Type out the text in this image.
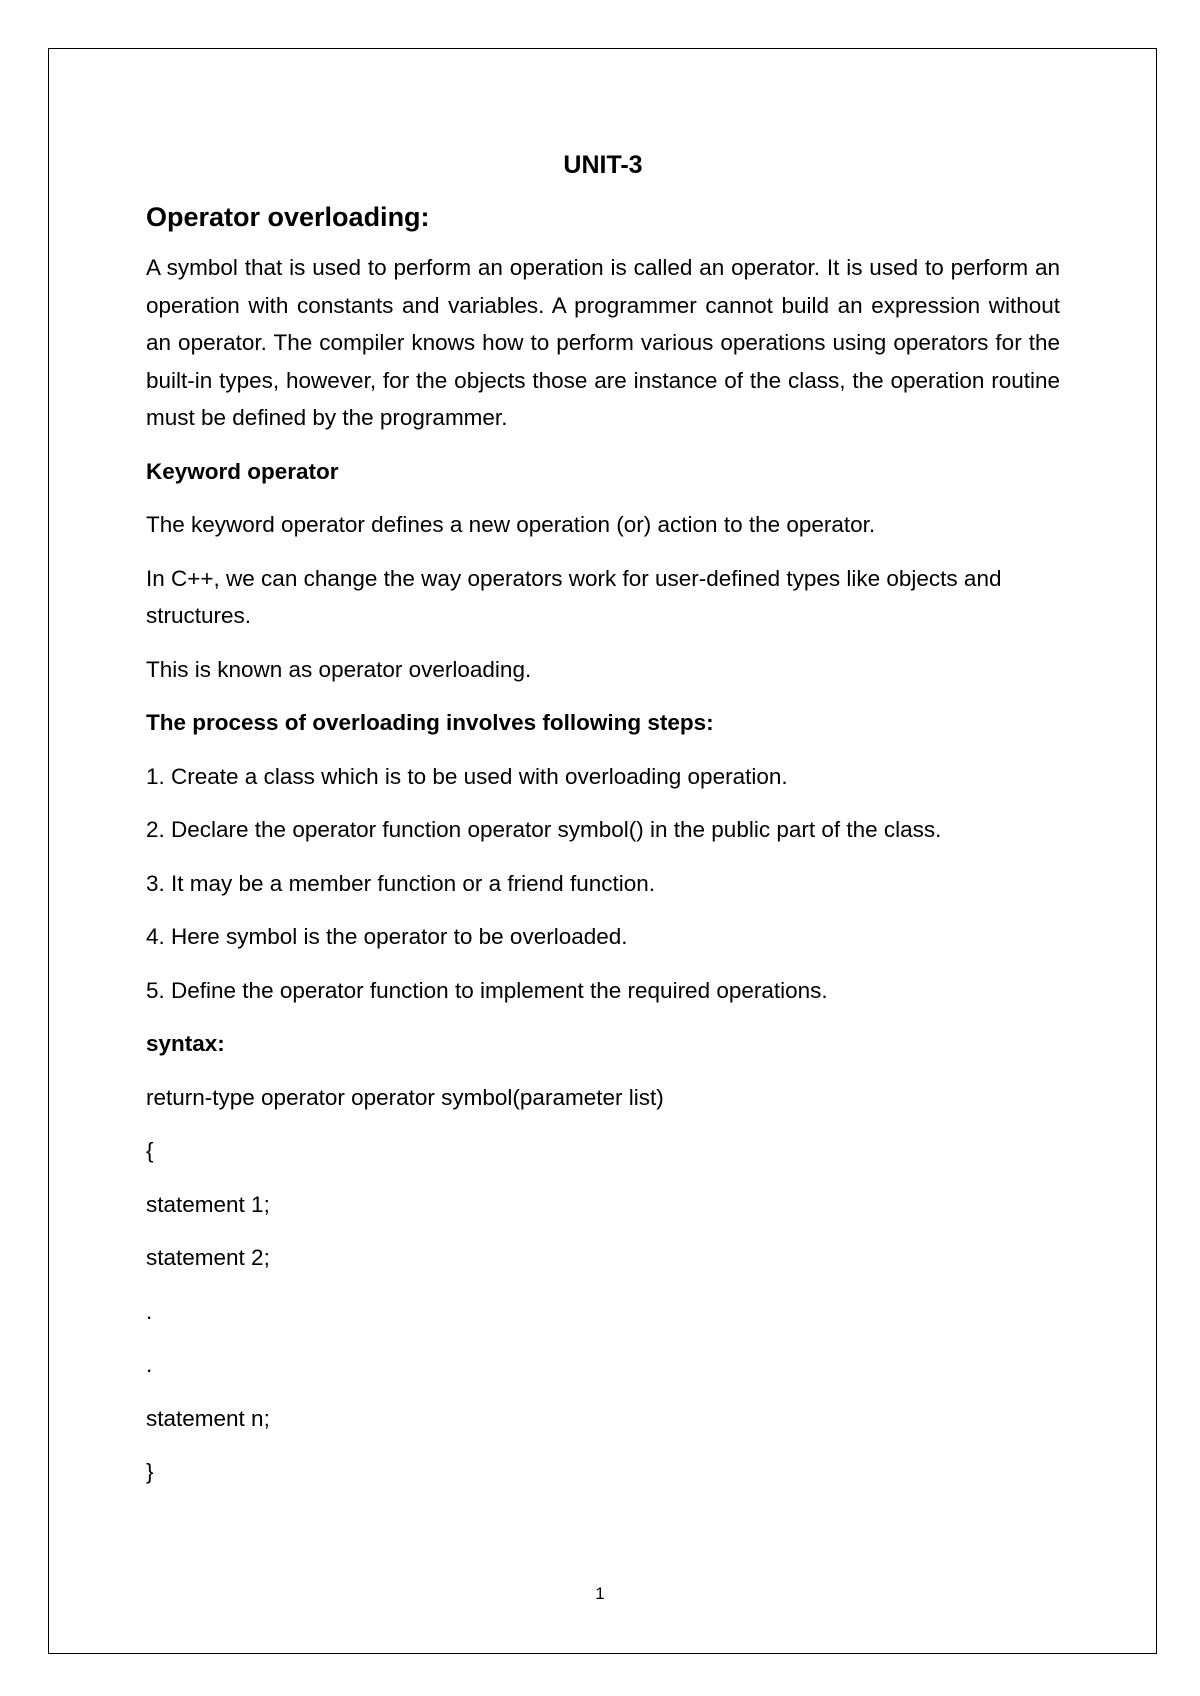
UNIT-3
Operator overloading:

A symbol that is used to perform an operation is called an operator. It is used to perform an operation with constants and variables. A programmer cannot build an expression without an operator. The compiler knows how to perform various operations using operators for the built-in types, however, for the objects those are instance of the class, the operation routine must be defined by the programmer.

Keyword operator

The keyword operator defines a new operation (or) action to the operator.

In C++, we can change the way operators work for user-defined types like objects and structures.

This is known as operator overloading.

The process of overloading involves following steps:

1. Create a class which is to be used with overloading operation.

2. Declare the operator function operator symbol() in the public part of the class.

3. It may be a member function or a friend function.

4. Here symbol is the operator to be overloaded.

5. Define the operator function to implement the required operations.

syntax:

return-type operator operator symbol(parameter list)
{
statement 1;
statement 2;
.
.
statement n;
}
1
